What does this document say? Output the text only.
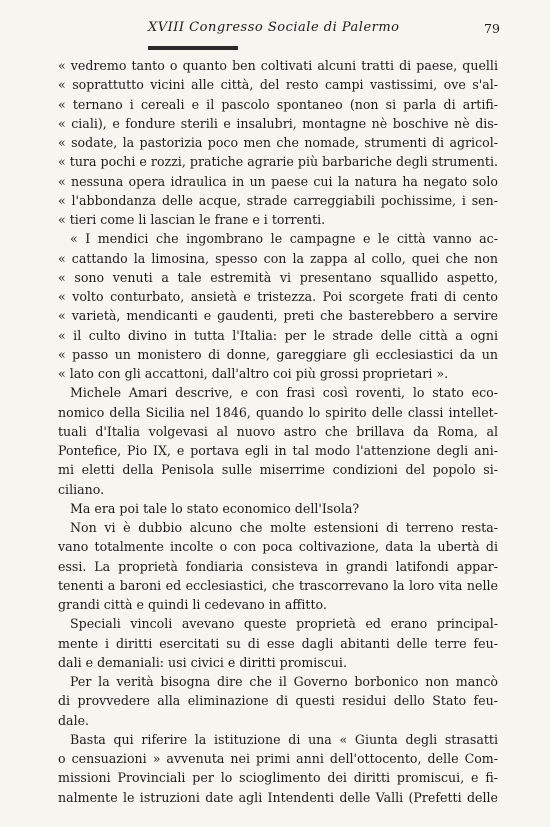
XVIII Congresso Sociale di Palermo	79
« vedremo tanto o quanto ben coltivati alcuni tratti di paese, quelli
« soprattutto vicini alle città, del resto campi vastissimi, ove s'al-
« ternano i cereali e il pascolo spontaneo (non si parla di artifi-
« ciali), e fondure sterili e insalubri, montagne nè boschive nè dis-
« sodate, la pastorizia poco men che nomade, strumenti di agricol-
« tura pochi e rozzi, pratiche agrarie più barbariche degli strumenti.
« nessuna opera idraulica in un paese cui la natura ha negato solo
« l'abbondanza delle acque, strade carreggiabili pochissime, i sen-
« tieri come li lascian le frane e i torrenti.
« I mendici che ingombrano le campagne e le città vanno ac-
« cattando la limosina, spesso con la zappa al collo, quei che non
« sono venuti a tale estremità vi presentano squallido aspetto,
« volto conturbato, ansietà e tristezza. Poi scorgete frati di cento
« varietà, mendicanti e gaudenti, preti che basterebbero a servire
« il culto divino in tutta l'Italia: per le strade delle città a ogni
« passo un monistero di donne, gareggiare gli ecclesiastici da un
« lato con gli accattoni, dall'altro coi più grossi proprietari ».
Michele Amari descrive, e con frasi così roventi, lo stato eco-
nomico della Sicilia nel 1846, quando lo spirito delle classi intellet-
tuali d'Italia volgevasi al nuovo astro che brillava da Roma, al
Pontefice, Pio IX, e portava egli in tal modo l'attenzione degli ani-
mi eletti della Penisola sulle miserrime condizioni del popolo si-
ciliano.
Ma era poi tale lo stato economico dell'Isola?
Non vi è dubbio alcuno che molte estensioni di terreno resta-
vano totalmente incolte o con poca coltivazione, data la ubertà di
essi. La proprietà fondiaria consisteva in grandi latifondi appar-
tenenti a baroni ed ecclesiastici, che trascorrevano la loro vita nelle
grandi città e quindi li cedevano in affitto.
Speciali vincoli avevano queste proprietà ed erano principal-
mente i diritti esercitati su di esse dagli abitanti delle terre feu-
dali e demaniali: usi civici e diritti promiscui.
Per la verità bisogna dire che il Governo borbonico non mancò
di provvedere alla eliminazione di questi residui dello Stato feu-
dale.
Basta qui riferire la istituzione di una « Giunta degli strasatti
o censuazioni » avvenuta nei primi anni dell'ottocento, delle Com-
missioni Provinciali per lo scioglimento dei diritti promiscui, e fi-
nalmente le istruzioni date agli Intendenti delle Valli (Prefetti delle
